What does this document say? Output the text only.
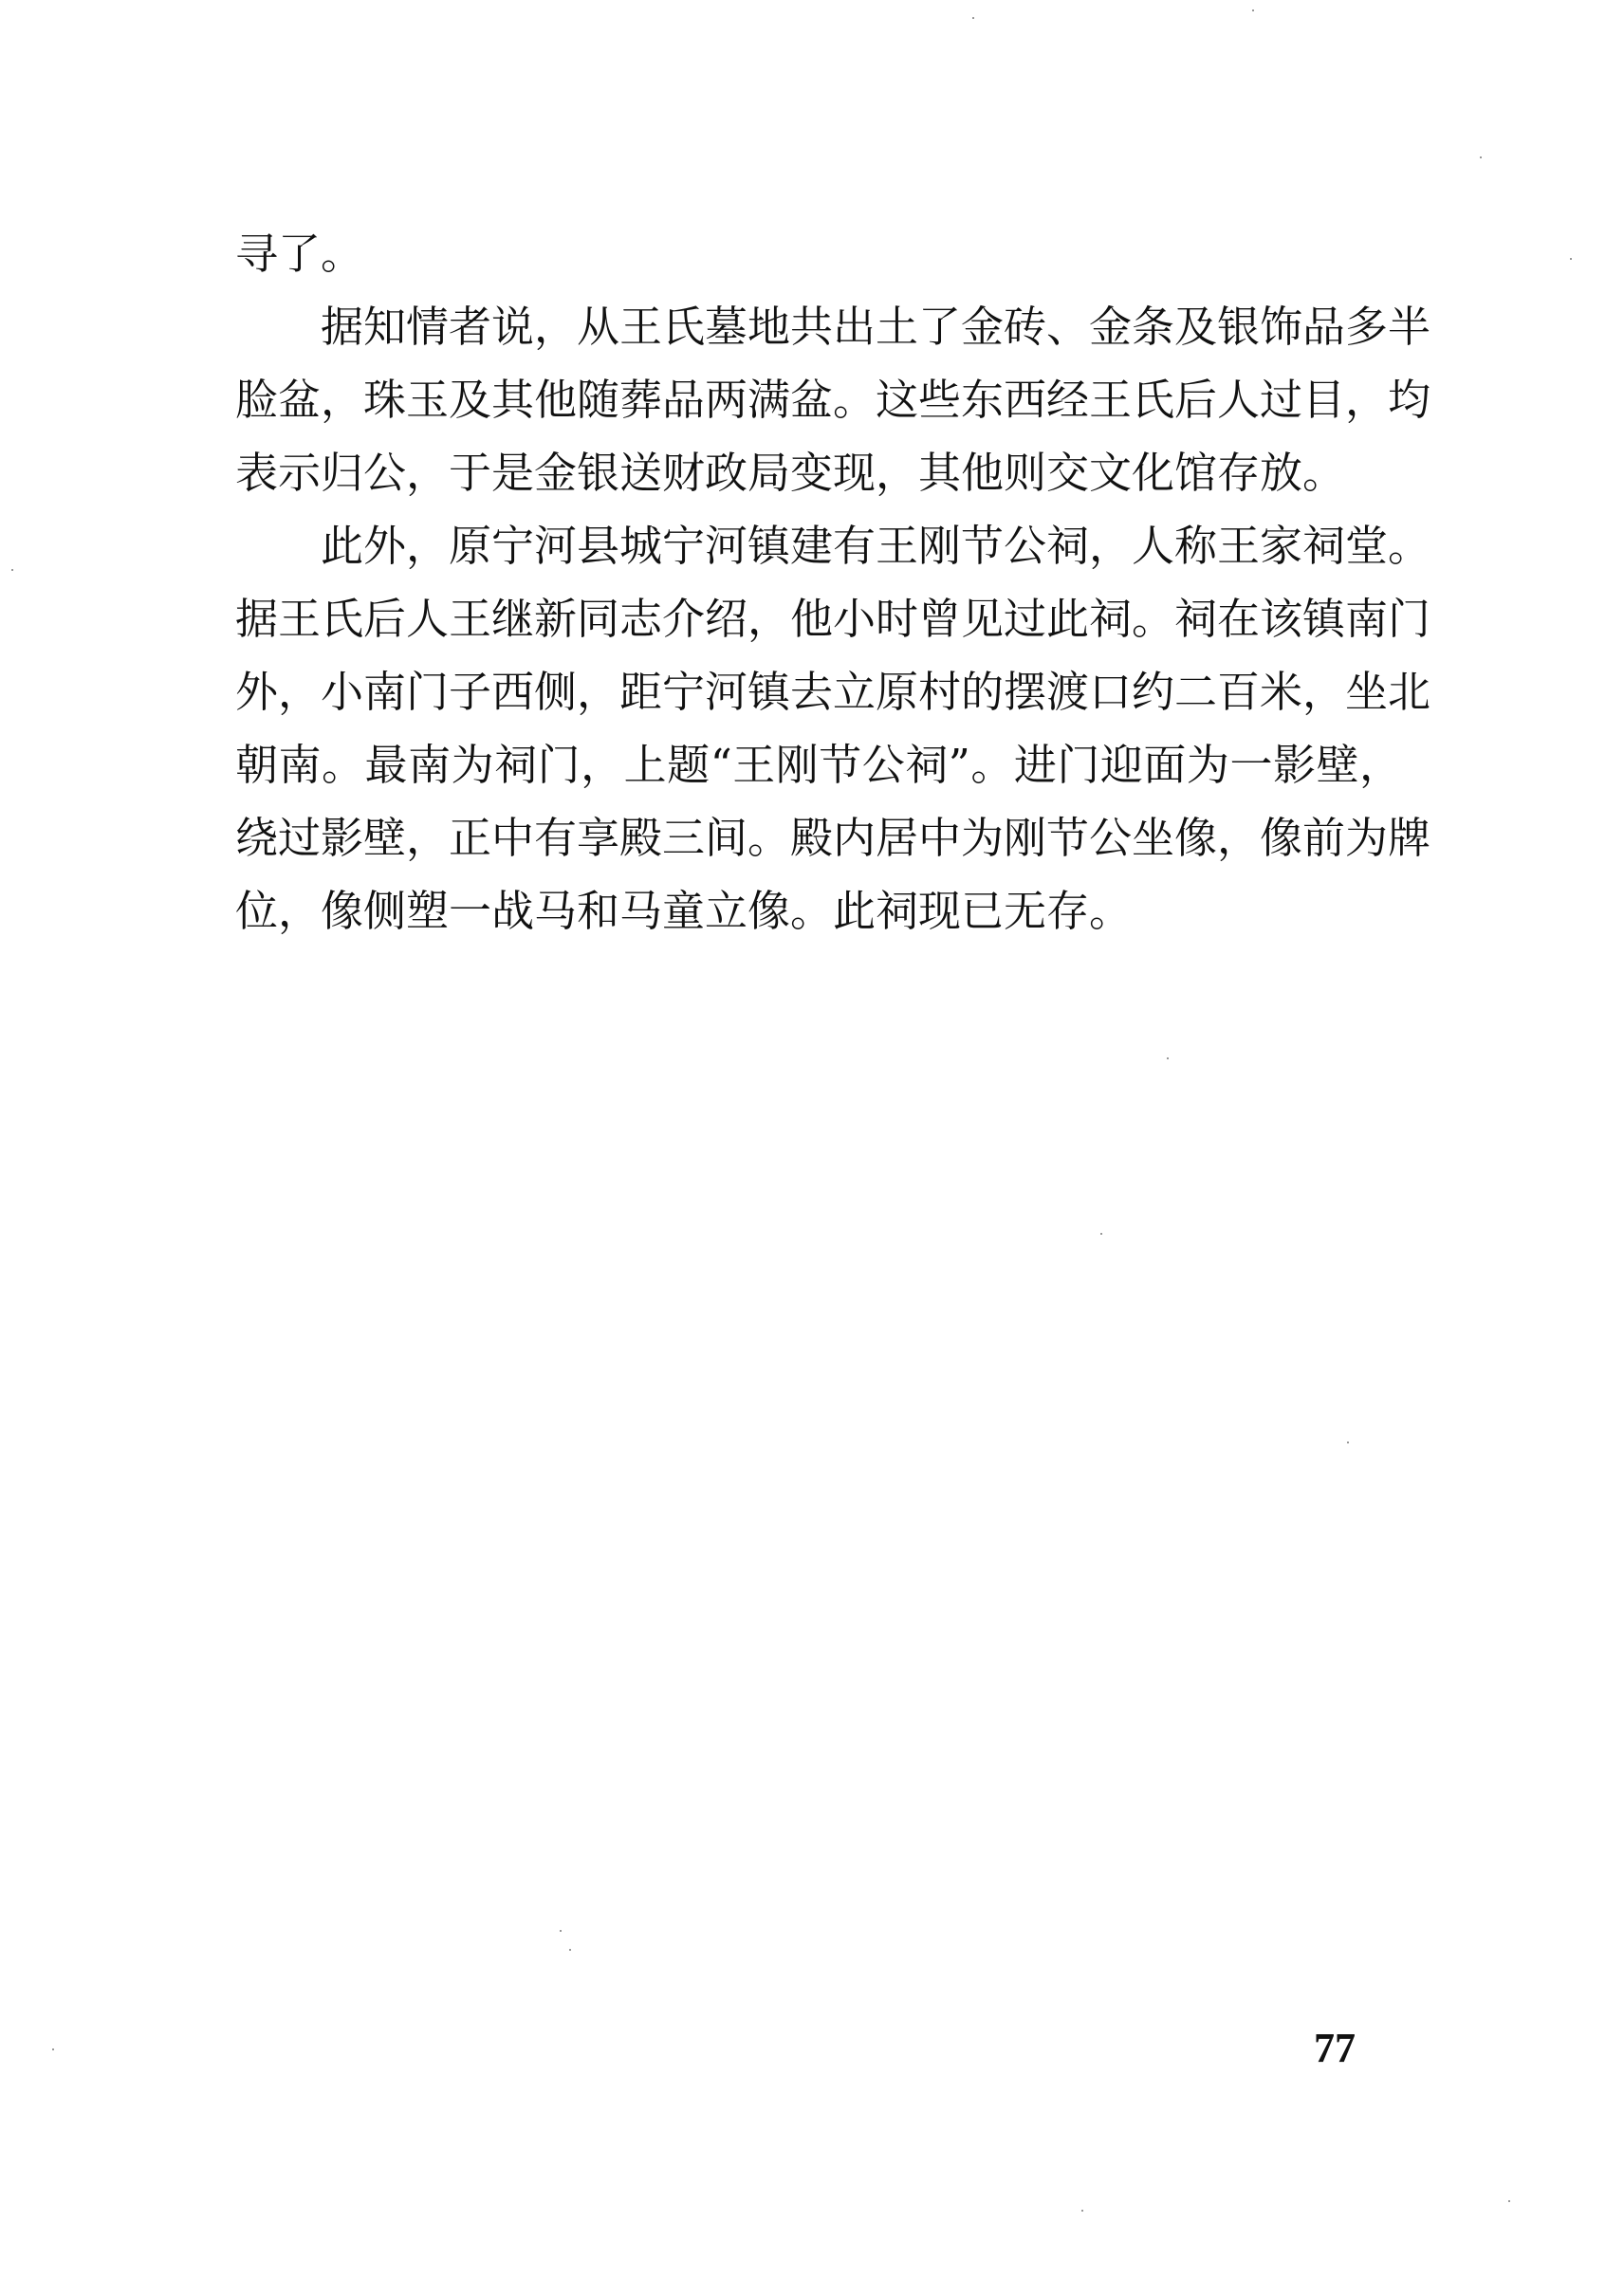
寻了。
据知情者说，从王氏墓地共出土了金砖、金条及银饰品多半
脸盆，珠玉及其他随葬品两满盆。这些东西经王氏后人过目，均
表示归公，于是金银送财政局变现，其他则交文化馆存放。
此外，原宁河县城宁河镇建有王刚节公祠，人称王家祠堂。
据王氏后人王继新同志介绍，他小时曾见过此祠。祠在该镇南门
外，小南门子西侧，距宁河镇去立原村的摆渡口约二百米，坐北
朝南。最南为祠门，上题“王刚节公祠”。进门迎面为一影壁，
绕过影壁，正中有享殿三间。殿内居中为刚节公坐像，像前为牌
位，像侧塑一战马和马童立像。此祠现已无存。
77
